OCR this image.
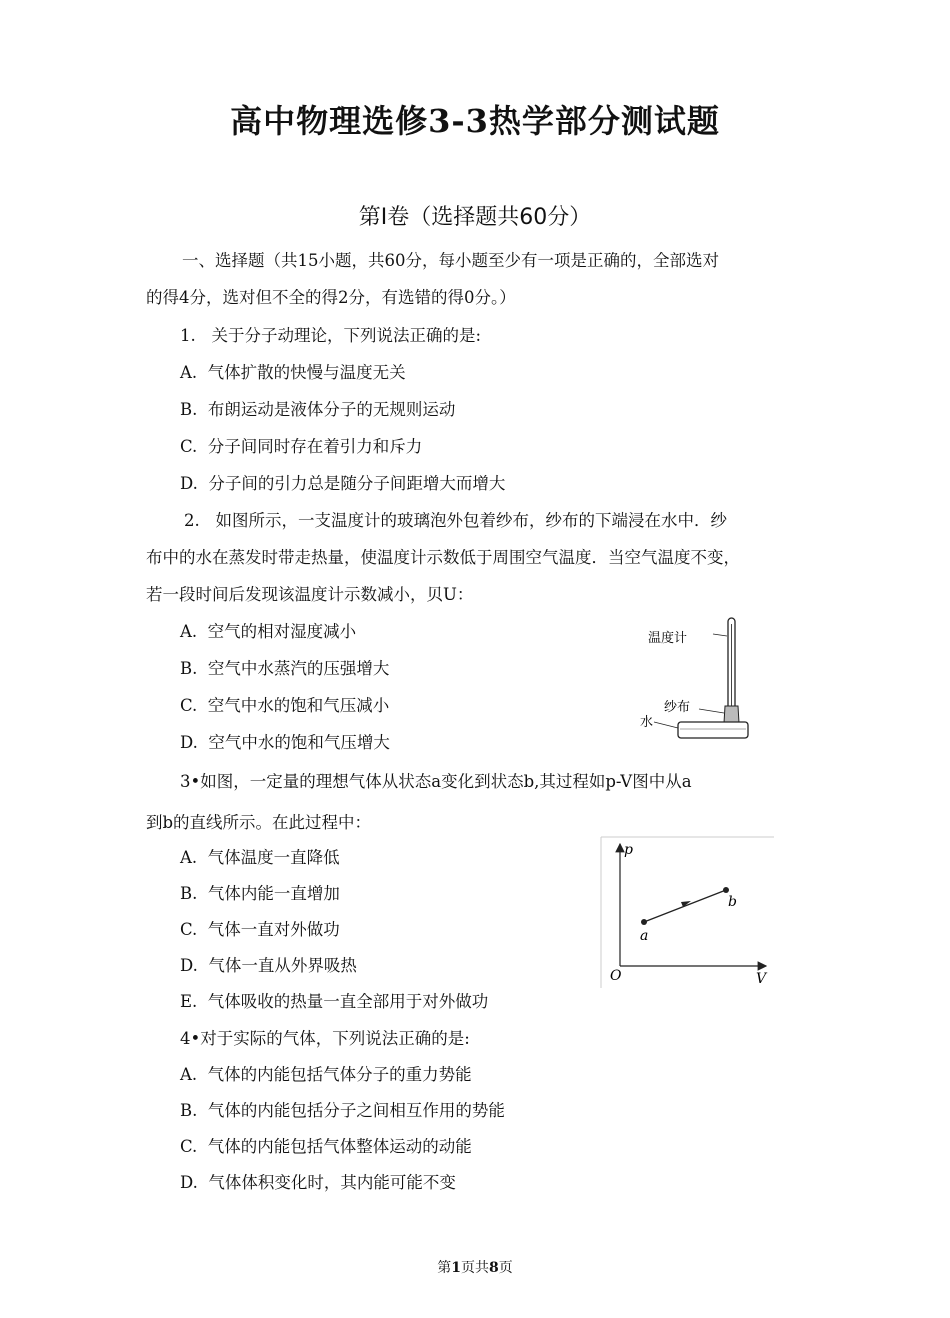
高中物理选修3-3热学部分测试题
第Ⅰ卷（选择题共60分）
一、选择题（共15小题，共60分，每小题至少有一项是正确的，全部选对
的得4分，选对但不全的得2分，有选错的得0分。）
1.   关于分子动理论，下列说法正确的是:
A.  气体扩散的快慢与温度无关
B.  布朗运动是液体分子的无规则运动
C.  分子间同时存在着引力和斥力
D.  分子间的引力总是随分子间距增大而增大
2.   如图所示，一支温度计的玻璃泡外包着纱布，纱布的下端浸在水中．纱
布中的水在蒸发时带走热量，使温度计示数低于周围空气温度．当空气温度不变，
若一段时间后发现该温度计示数减小，贝U：
A.  空气的相对湿度减小
B.  空气中水蒸汽的压强增大
C.  空气中水的饱和气压减小
D.  空气中水的饱和气压增大
温度计
纱布
水
3•如图，一定量的理想气体从状态a变化到状态b,其过程如p-V图中从a
到b的直线所示。在此过程中：
A.  气体温度一直降低
B.  气体内能一直增加
C.  气体一直对外做功
D.  气体一直从外界吸热
E.  气体吸收的热量一直全部用于对外做功
p
V
O
a
b
4•对于实际的气体，下列说法正确的是:
A.  气体的内能包括气体分子的重力势能
B.  气体的内能包括分子之间相互作用的势能
C.  气体的内能包括气体整体运动的动能
D.  气体体积变化时，其内能可能不变
第1页共8页
